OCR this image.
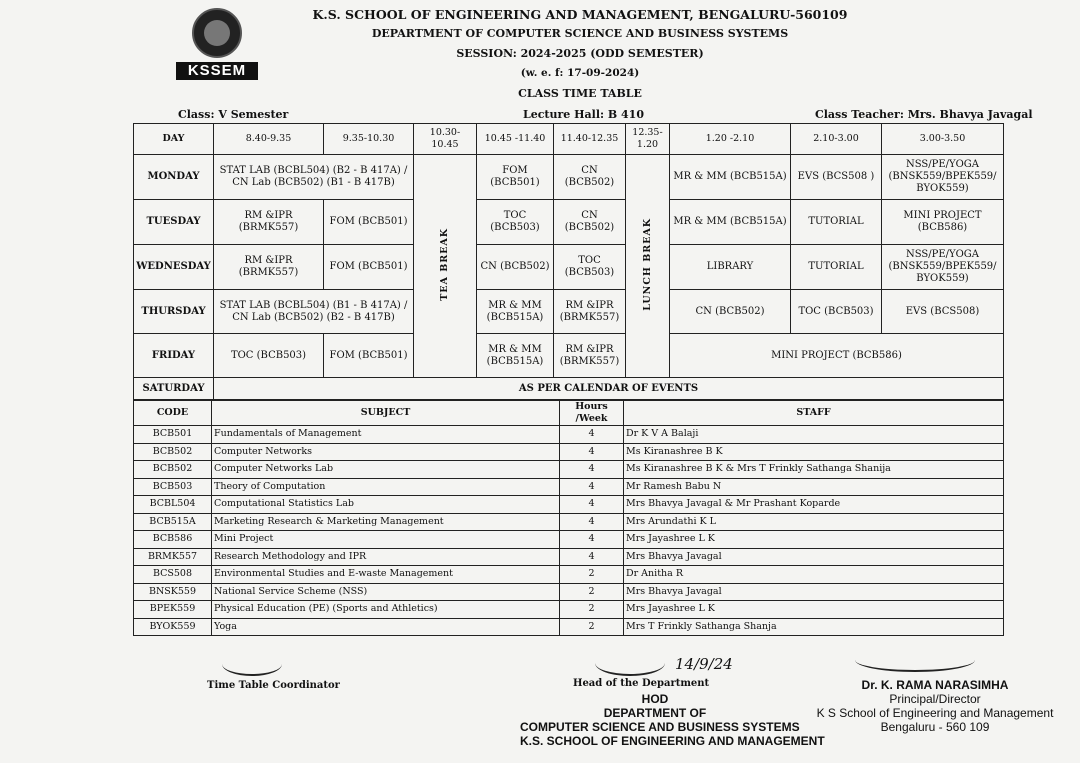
KSSEM
K.S. SCHOOL OF ENGINEERING AND MANAGEMENT, BENGALURU-560109
DEPARTMENT OF COMPUTER SCIENCE AND BUSINESS SYSTEMS
SESSION: 2024-2025 (ODD SEMESTER)
(w. e. f: 17-09-2024)
CLASS TIME TABLE
Class: V Semester	Lecture Hall: B 410	Class Teacher: Mrs. Bhavya Javagal
DAY	8.40-9.35	9.35-10.30	10.30- 10.45	10.45 -11.40	11.40-12.35	12.35-1.20	1.20 -2.10	2.10-3.00	3.00-3.50
MONDAY	STAT LAB (BCBL504) (B2 - B 417A) / CN Lab (BCB502) (B1 - B 417B)		TEA BREAK	FOM (BCB501)	CN (BCB502)	LUNCH BREAK	MR & MM (BCB515A)	EVS (BCS508 )	NSS/PE/YOGA (BNSK559/BPEK559/ BYOK559)
TUESDAY	RM &IPR (BRMK557)	FOM (BCB501)		TOC (BCB503)	CN (BCB502)		MR & MM (BCB515A)	TUTORIAL	MINI PROJECT (BCB586)
WEDNESDAY	RM &IPR (BRMK557)	FOM (BCB501)		CN (BCB502)	TOC (BCB503)		LIBRARY	TUTORIAL	NSS/PE/YOGA (BNSK559/BPEK559/ BYOK559)
THURSDAY	STAT LAB (BCBL504) (B1 - B 417A) / CN Lab (BCB502) (B2 - B 417B)			MR & MM (BCB515A)	RM &IPR (BRMK557)		CN (BCB502)	TOC (BCB503)	EVS (BCS508)
FRIDAY	TOC (BCB503)	FOM (BCB501)		MR & MM (BCB515A)	RM &IPR (BRMK557)		MINI PROJECT (BCB586)		
SATURDAY	AS PER CALENDAR OF EVENTS								
CODE	SUBJECT	Hours /Week	STAFF
BCB501	Fundamentals of Management	4	Dr K V A Balaji
BCB502	Computer Networks	4	Ms Kiranashree B K
BCB502	Computer Networks Lab	4	Ms Kiranashree B K & Mrs T Frinkly Sathanga Shanija
BCB503	Theory of Computation	4	Mr Ramesh Babu N
BCBL504	Computational Statistics Lab	4	Mrs Bhavya Javagal & Mr Prashant Koparde
BCB515A	Marketing Research & Marketing Management	4	Mrs Arundathi K L
BCB586	Mini Project	4	Mrs Jayashree L K
BRMK557	Research Methodology and IPR	4	Mrs Bhavya Javagal
BCS508	Environmental Studies and E-waste Management	2	Dr Anitha R
BNSK559	National Service Scheme (NSS)	2	Mrs Bhavya Javagal
BPEK559	Physical Education (PE) (Sports and Athletics)	2	Mrs Jayashree L K
BYOK559	Yoga	2	Mrs T Frinkly Sathanga Shanja
Time Table Coordinator
14/9/24
Head of the Department
HOD
DEPARTMENT OF
COMPUTER SCIENCE AND BUSINESS SYSTEMS
K.S. SCHOOL OF ENGINEERING AND MANAGEMENT
Dr. K. RAMA NARASIMHA
Principal/Director
K S School of Engineering and Management
Bengaluru - 560 109
